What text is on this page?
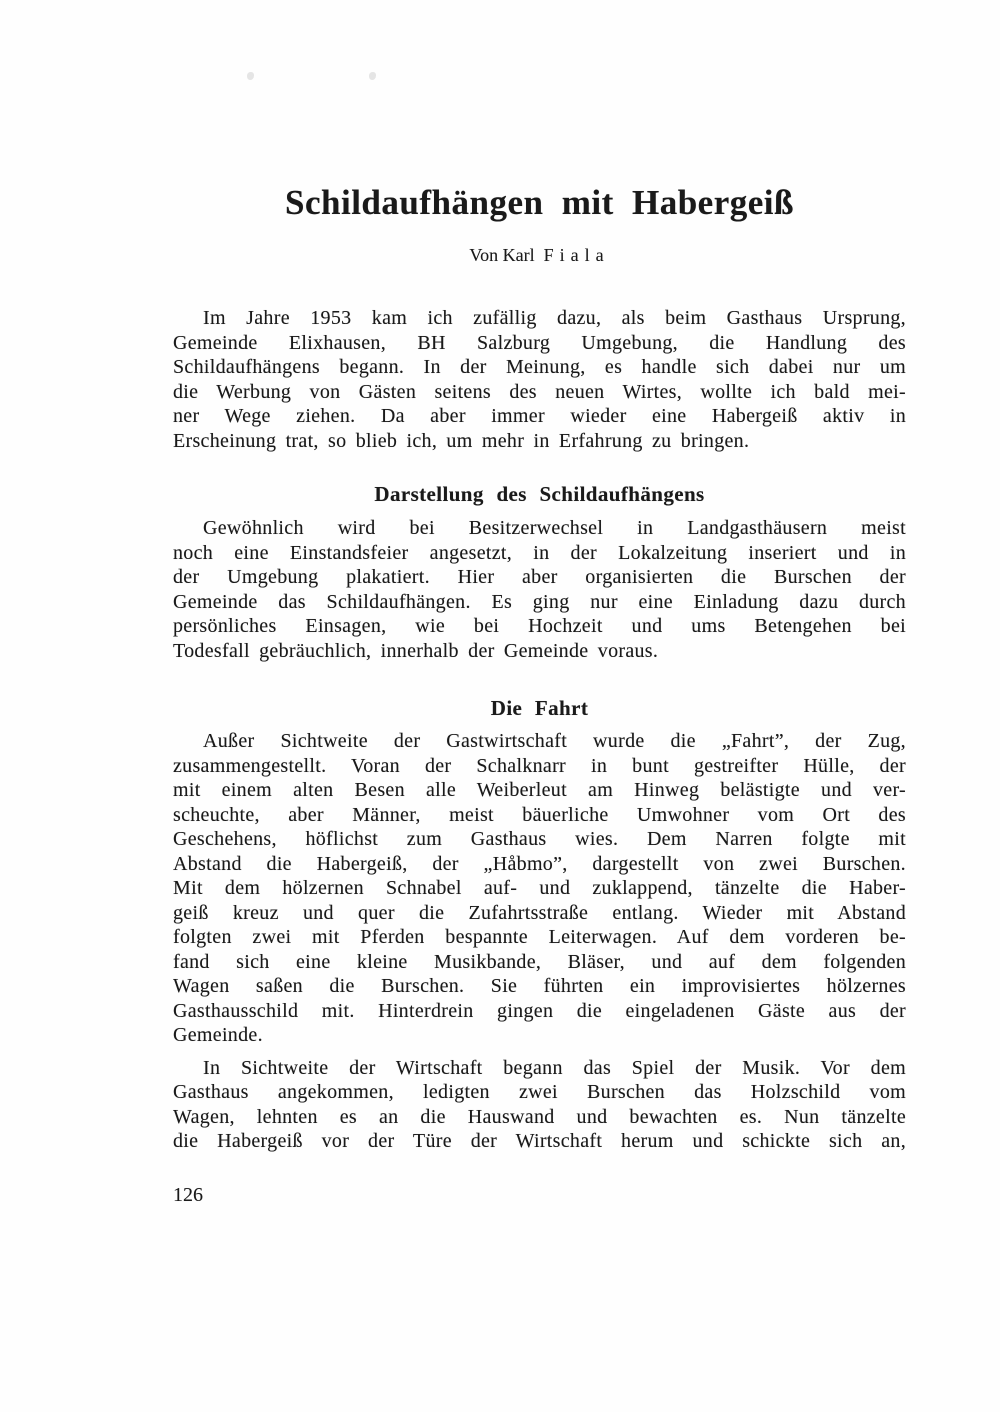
Schildaufhängen mit Habergeiß
Von Karl Fiala
Im Jahre 1953 kam ich zufällig dazu, als beim Gasthaus Ursprung,
Gemeinde Elixhausen, BH Salzburg Umgebung, die Handlung des
Schildaufhängens begann. In der Meinung, es handle sich dabei nur um
die Werbung von Gästen seitens des neuen Wirtes, wollte ich bald mei-
ner Wege ziehen. Da aber immer wieder eine Habergeiß aktiv in
Erscheinung trat, so blieb ich, um mehr in Erfahrung zu bringen.
Darstellung des Schildaufhängens
Gewöhnlich wird bei Besitzerwechsel in Landgasthäusern meist
noch eine Einstandsfeier angesetzt, in der Lokalzeitung inseriert und in
der Umgebung plakatiert. Hier aber organisierten die Burschen der
Gemeinde das Schildaufhängen. Es ging nur eine Einladung dazu durch
persönliches Einsagen, wie bei Hochzeit und ums Betengehen bei
Todesfall gebräuchlich, innerhalb der Gemeinde voraus.
Die Fahrt
Außer Sichtweite der Gastwirtschaft wurde die „Fahrt”, der Zug,
zusammengestellt. Voran der Schalknarr in bunt gestreifter Hülle, der
mit einem alten Besen alle Weiberleut am Hinweg belästigte und ver-
scheuchte, aber Männer, meist bäuerliche Umwohner vom Ort des
Geschehens, höflichst zum Gasthaus wies. Dem Narren folgte mit
Abstand die Habergeiß, der „Håbmo”, dargestellt von zwei Burschen.
Mit dem hölzernen Schnabel auf- und zuklappend, tänzelte die Haber-
geiß kreuz und quer die Zufahrtsstraße entlang. Wieder mit Abstand
folgten zwei mit Pferden bespannte Leiterwagen. Auf dem vorderen be-
fand sich eine kleine Musikbande, Bläser, und auf dem folgenden
Wagen saßen die Burschen. Sie führten ein improvisiertes hölzernes
Gasthausschild mit. Hinterdrein gingen die eingeladenen Gäste aus der
Gemeinde.
In Sichtweite der Wirtschaft begann das Spiel der Musik. Vor dem
Gasthaus angekommen, ledigten zwei Burschen das Holzschild vom
Wagen, lehnten es an die Hauswand und bewachten es. Nun tänzelte
die Habergeiß vor der Türe der Wirtschaft herum und schickte sich an,
126
